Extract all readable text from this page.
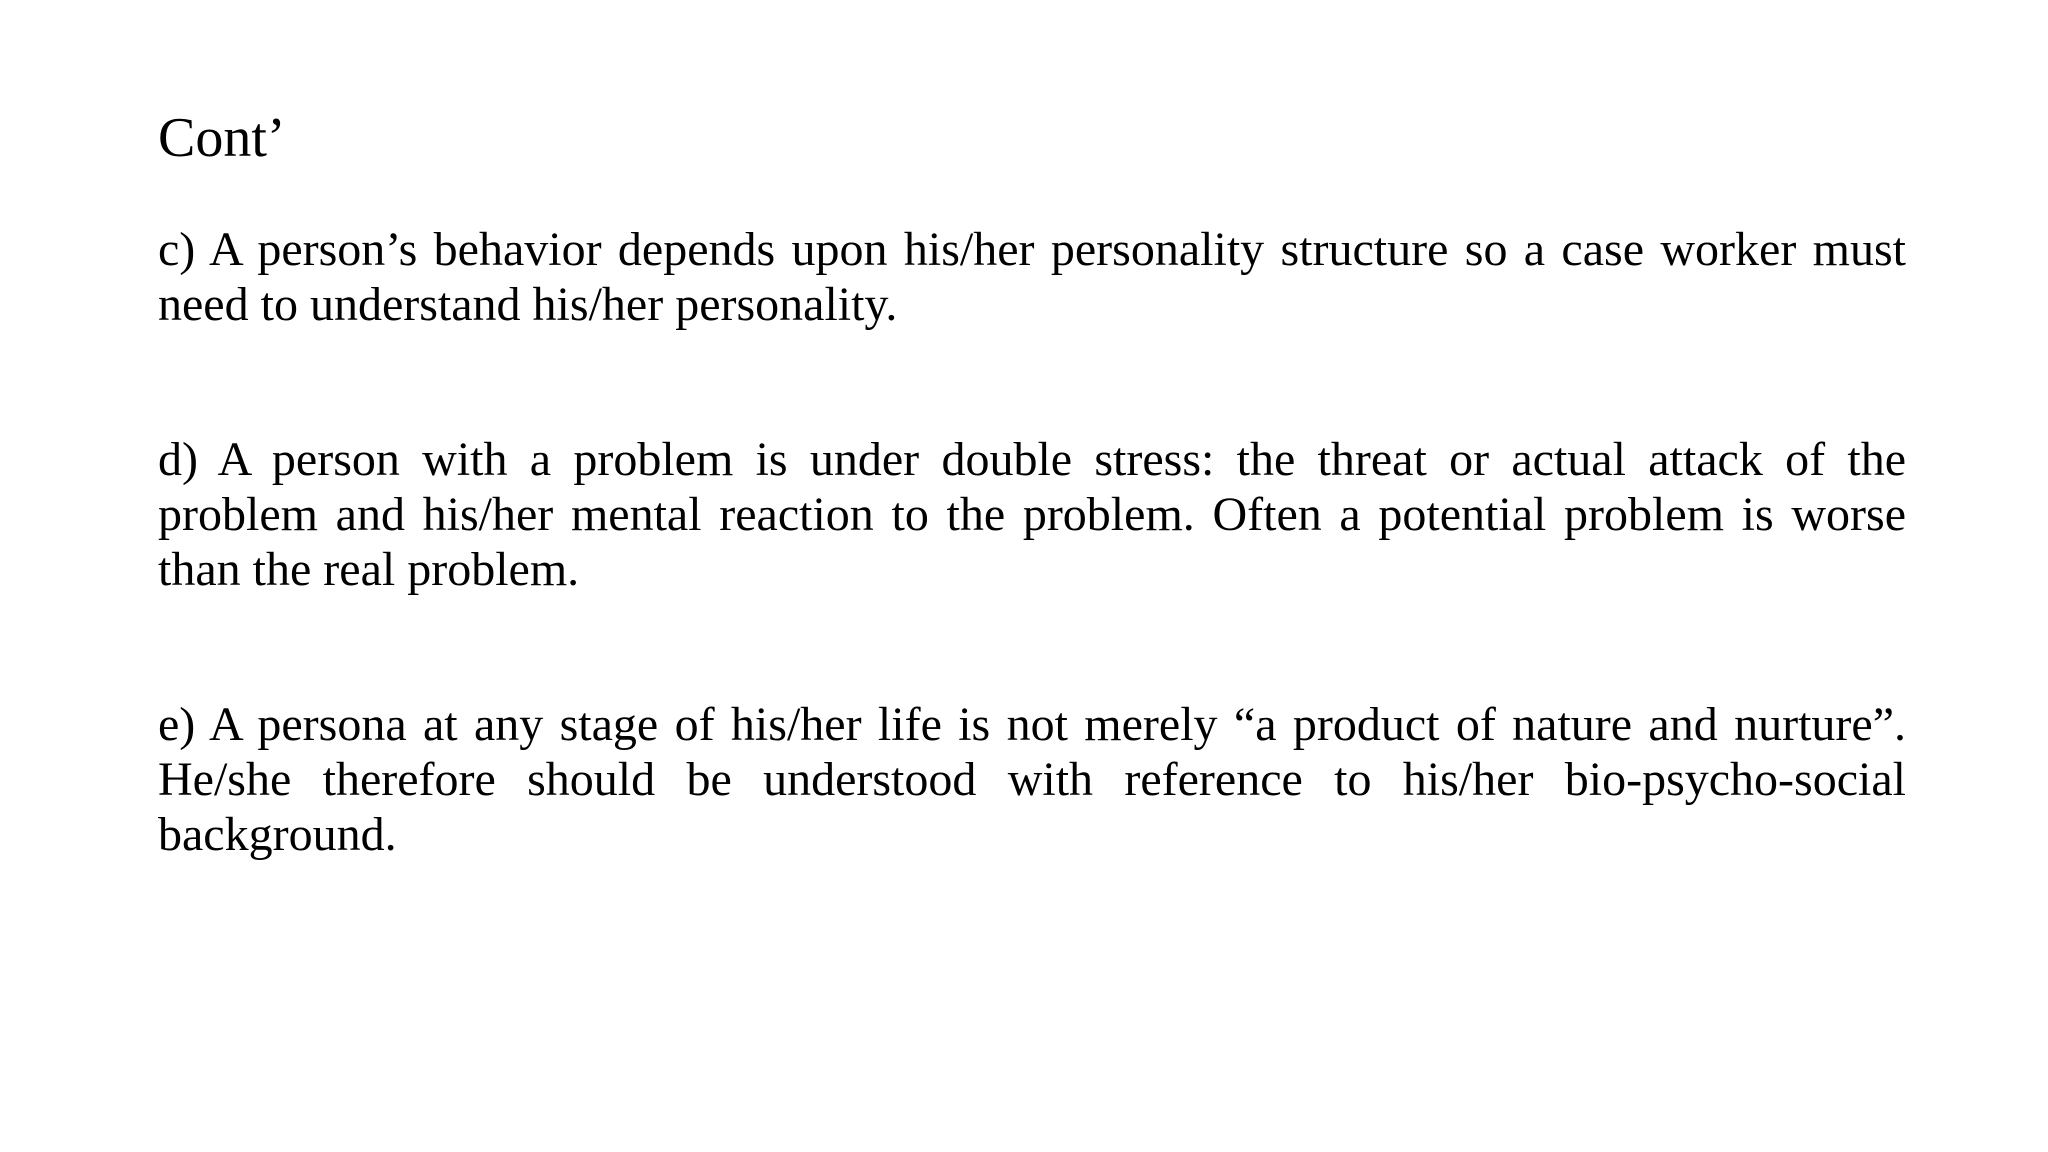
Cont’

c) A person’s behavior depends upon his/her personality structure so a case worker must need to understand his/her personality.

d) A person with a problem is under double stress: the threat or actual attack of the problem and his/her mental reaction to the problem. Often a potential problem is worse than the real problem.

e) A persona at any stage of his/her life is not merely “a product of nature and nurture”. He/she therefore should be understood with reference to his/her bio-psycho-social background.
